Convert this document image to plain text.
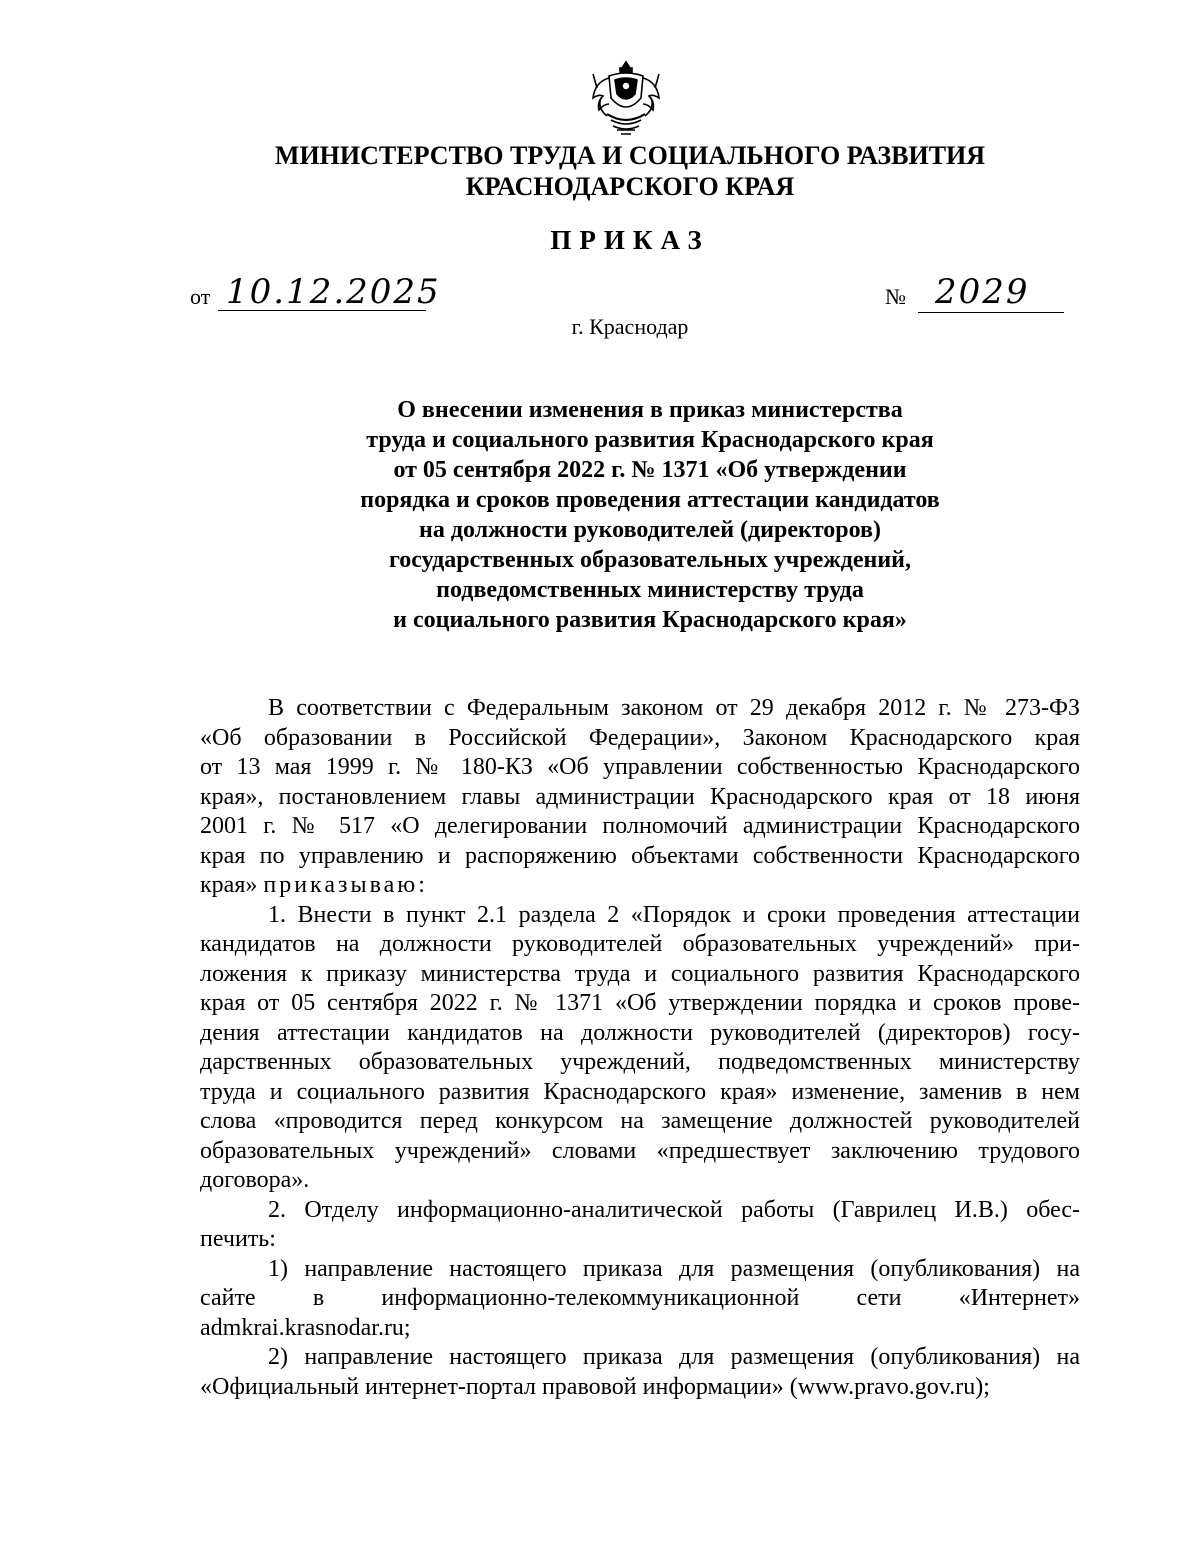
МИНИСТЕРСТВО ТРУДА И СОЦИАЛЬНОГО РАЗВИТИЯ
КРАСНОДАРСКОГО КРАЯ
ПРИКАЗ
от 10.12.2025	№ 2029
г. Краснодар
О внесении изменения в приказ министерства
труда и социального развития Краснодарского края
от 05 сентября 2022 г. № 1371 «Об утверждении
порядка и сроков проведения аттестации кандидатов
на должности руководителей (директоров)
государственных образовательных учреждений,
подведомственных министерству труда
и социального развития Краснодарского края»
В соответствии с Федеральным законом от 29 декабря 2012 г. № 273-ФЗ
«Об образовании в Российской Федерации», Законом Краснодарского края
от 13 мая 1999 г. № 180-КЗ «Об управлении собственностью Краснодарского
края», постановлением главы администрации Краснодарского края от 18 июня
2001 г. № 517 «О делегировании полномочий администрации Краснодарского
края по управлению и распоряжению объектами собственности Краснодарского
края» приказываю:
1. Внести в пункт 2.1 раздела 2 «Порядок и сроки проведения аттестации
кандидатов на должности руководителей образовательных учреждений» при-
ложения к приказу министерства труда и социального развития Краснодарского
края от 05 сентября 2022 г. № 1371 «Об утверждении порядка и сроков прове-
дения аттестации кандидатов на должности руководителей (директоров) госу-
дарственных образовательных учреждений, подведомственных министерству
труда и социального развития Краснодарского края» изменение, заменив в нем
слова «проводится перед конкурсом на замещение должностей руководителей
образовательных учреждений» словами «предшествует заключению трудового
договора».
2. Отделу информационно-аналитической работы (Гаврилец И.В.) обес-
печить:
1) направление настоящего приказа для размещения (опубликования) на
сайте в информационно-телекоммуникационной сети «Интернет»
admkrai.krasnodar.ru;
2) направление настоящего приказа для размещения (опубликования) на
«Официальный интернет-портал правовой информации» (www.pravo.gov.ru);
